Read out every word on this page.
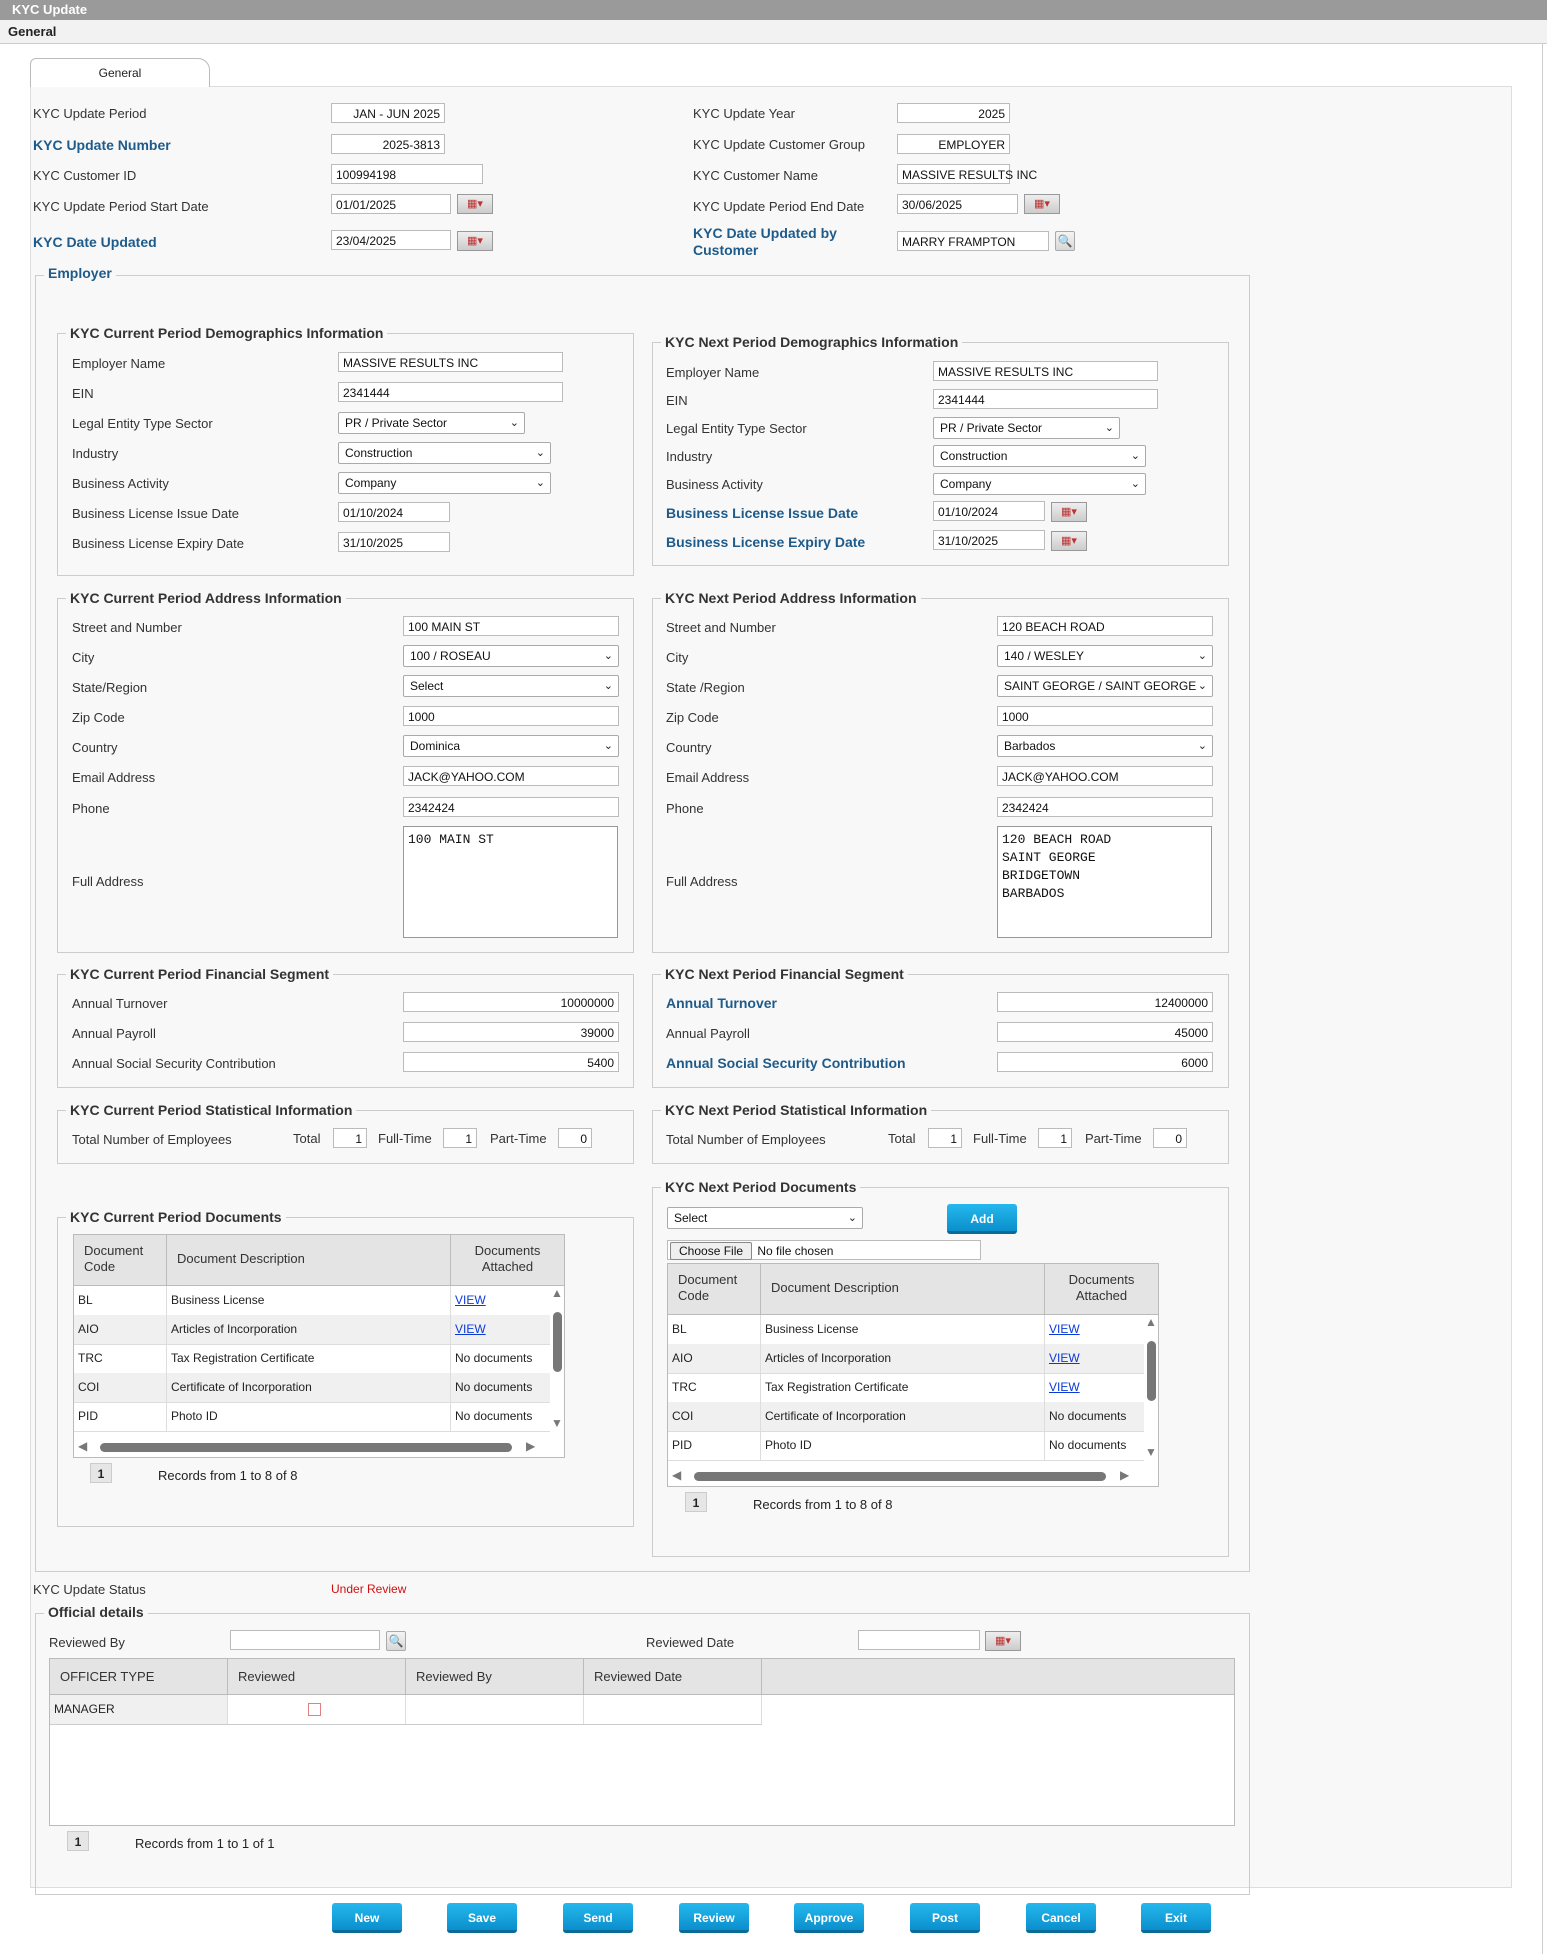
KYC Update
General
General
KYC Update Period	JAN - JUN 2025	KYC Update Year	2025
KYC Update Number	2025-3813	KYC Update Customer Group	EMPLOYER
KYC Customer ID	100994198	KYC Customer Name	MASSIVE RESULTS INC
KYC Update Period Start Date	01/01/2025	▦▾	KYC Update Period End Date	30/06/2025	▦▾
KYC Date Updated	23/04/2025	▦▾	KYC Date Updated by
Customer	MARRY FRAMPTON	🔍
Employer
KYC Current Period Demographics Information
Employer Name	MASSIVE RESULTS INC
EIN	2341444
Legal Entity Type Sector	PR / Private Sector	⌄
Industry	Construction	⌄
Business Activity	Company	⌄
Business License Issue Date	01/10/2024
Business License Expiry Date	31/10/2025
KYC Next Period Demographics Information
Employer Name	MASSIVE RESULTS INC
EIN	2341444
Legal Entity Type Sector	PR / Private Sector	⌄
Industry	Construction	⌄
Business Activity	Company	⌄
Business License Issue Date	01/10/2024	▦▾
Business License Expiry Date	31/10/2025	▦▾
KYC Current Period Address Information
Street and Number	100 MAIN ST
City	100 / ROSEAU	⌄
State/Region	Select	⌄
Zip Code	1000
Country	Dominica	⌄
Email Address	JACK@YAHOO.COM
Phone	2342424
Full Address
100 MAIN ST
KYC Next Period Address Information
Street and Number	120 BEACH ROAD
City	140 / WESLEY	⌄
State /Region	SAINT GEORGE / SAINT GEORGE ⌄
Zip Code	1000
Country	Barbados	⌄
Email Address	JACK@YAHOO.COM
Phone	2342424
Full Address
120 BEACH ROAD
SAINT GEORGE
BRIDGETOWN
BARBADOS
KYC Current Period Financial Segment
Annual Turnover	10000000
Annual Payroll	39000
Annual Social Security Contribution	5400
KYC Next Period Financial Segment
Annual Turnover	12400000
Annual Payroll	45000
Annual Social Security Contribution	6000
KYC Current Period Statistical Information
Total Number of Employees	Total	1	Full-Time	1	Part-Time	0
KYC Next Period Statistical Information
Total Number of Employees	Total	1	Full-Time	1	Part-Time	0
KYC Current Period Documents
Document
Code
Document Description
Documents
Attached
BL	Business License	VIEW
AIO	Articles of Incorporation	VIEW
TRC	Tax Registration Certificate	No documents
COI	Certificate of Incorporation	No documents
PID	Photo ID	No documents
▲
▼
◀	▶
1	Records from 1 to 8 of 8
KYC Next Period Documents
Select	⌄	Add
Choose File No file chosen
Document
Code
Document Description
Documents
Attached
BL	Business License	VIEW
AIO	Articles of Incorporation	VIEW
TRC	Tax Registration Certificate	VIEW
COI	Certificate of Incorporation	No documents
PID	Photo ID	No documents
▲
▼
◀	▶
1	Records from 1 to 8 of 8
KYC Update Status	Under Review
Official details
Reviewed By	🔍	Reviewed Date	▦▾
OFFICER TYPE	Reviewed	Reviewed By	Reviewed Date
MANAGER
1	Records from 1 to 1 of 1
New	Save	Send	Review	Approve	Post	Cancel	Exit
